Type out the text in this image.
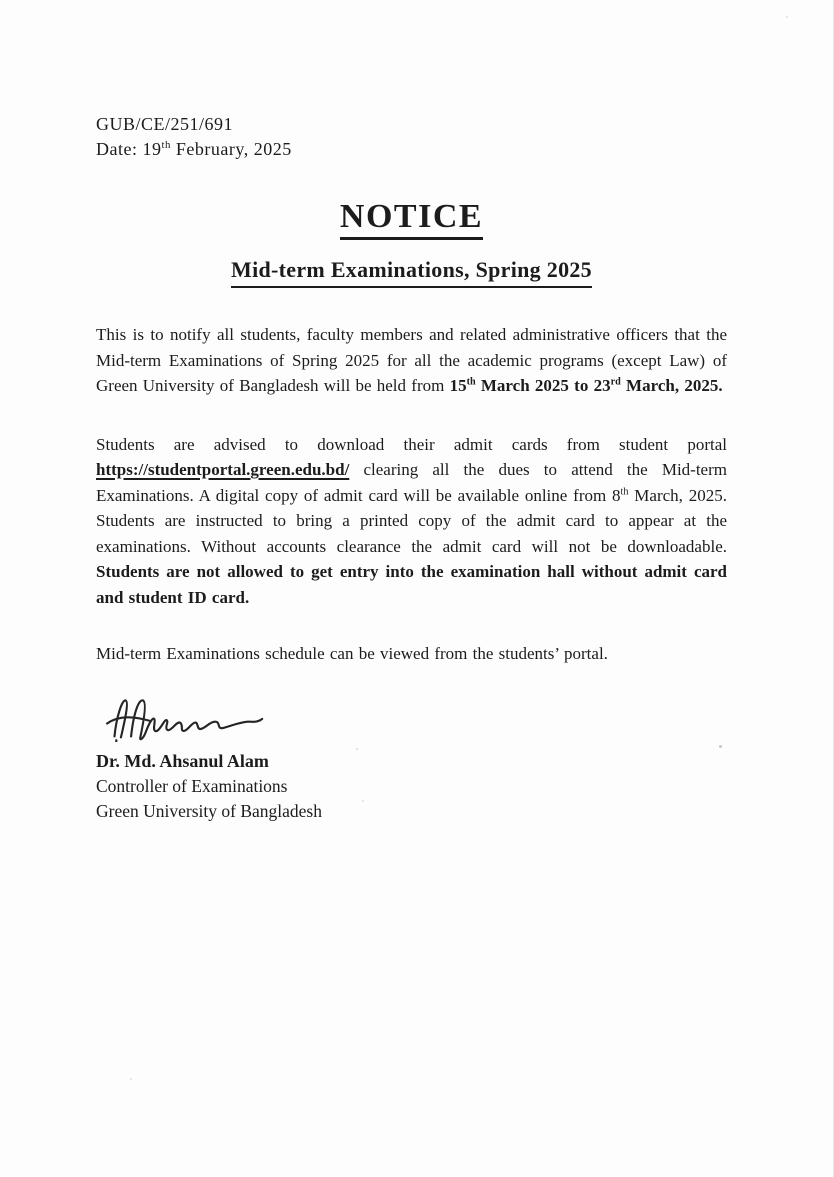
GUB/CE/251/691
Date: 19th February, 2025
NOTICE
Mid-term Examinations, Spring 2025

This is to notify all students, faculty members and related administrative officers that the Mid-term Examinations of Spring 2025 for all the academic programs (except Law) of Green University of Bangladesh will be held from 15th March 2025 to 23rd March, 2025.

Students are advised to download their admit cards from student portal https://studentportal.green.edu.bd/ clearing all the dues to attend the Mid-term Examinations. A digital copy of admit card will be available online from 8th March, 2025. Students are instructed to bring a printed copy of the admit card to appear at the examinations. Without accounts clearance the admit card will not be downloadable. Students are not allowed to get entry into the examination hall without admit card and student ID card.

Mid-term Examinations schedule can be viewed from the students’ portal.

Dr. Md. Ahsanul Alam
Controller of Examinations
Green University of Bangladesh
